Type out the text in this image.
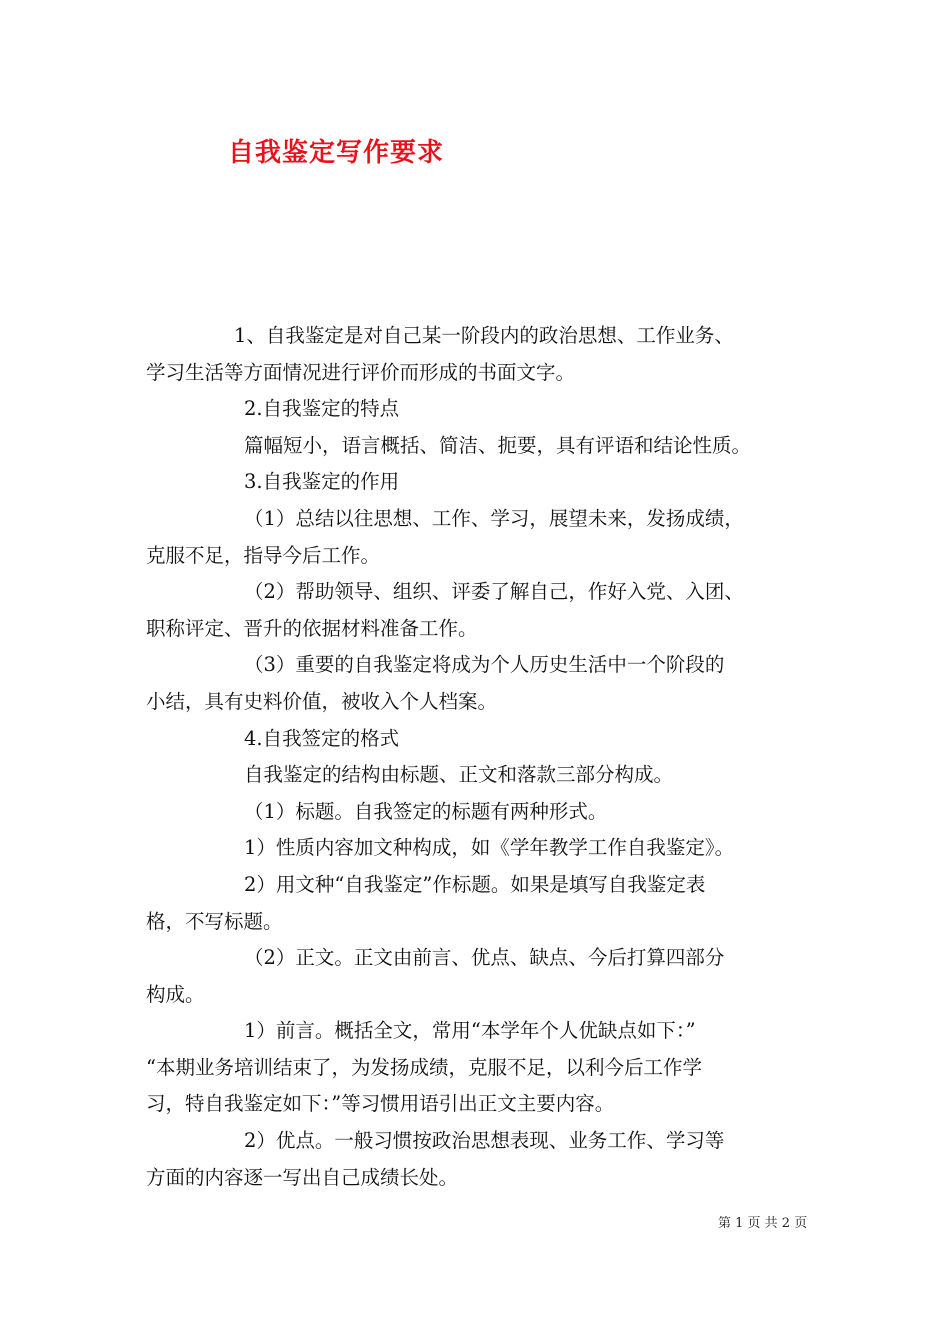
自我鉴定写作要求
1、自我鉴定是对自己某一阶段内的政治思想、工作业务、
学习生活等方面情况进行评价而形成的书面文字。
2.自我鉴定的特点
篇幅短小，语言概括、简洁、扼要，具有评语和结论性质。
3.自我鉴定的作用
（1）总结以往思想、工作、学习，展望未来，发扬成绩，
克服不足，指导今后工作。
（2）帮助领导、组织、评委了解自己，作好入党、入团、
职称评定、晋升的依据材料准备工作。
（3）重要的自我鉴定将成为个人历史生活中一个阶段的
小结，具有史料价值，被收入个人档案。
4.自我签定的格式
自我鉴定的结构由标题、正文和落款三部分构成。
（1）标题。自我签定的标题有两种形式。
1）性质内容加文种构成，如《学年教学工作自我鉴定》。
2）用文种“自我鉴定”作标题。如果是填写自我鉴定表
格，不写标题。
（2）正文。正文由前言、优点、缺点、今后打算四部分
构成。
1）前言。概括全文，常用“本学年个人优缺点如下：”
“本期业务培训结束了，为发扬成绩，克服不足，以利今后工作学
习，特自我鉴定如下：”等习惯用语引出正文主要内容。
2）优点。一般习惯按政治思想表现、业务工作、学习等
方面的内容逐一写出自己成绩长处。
第 1 页 共 2 页
